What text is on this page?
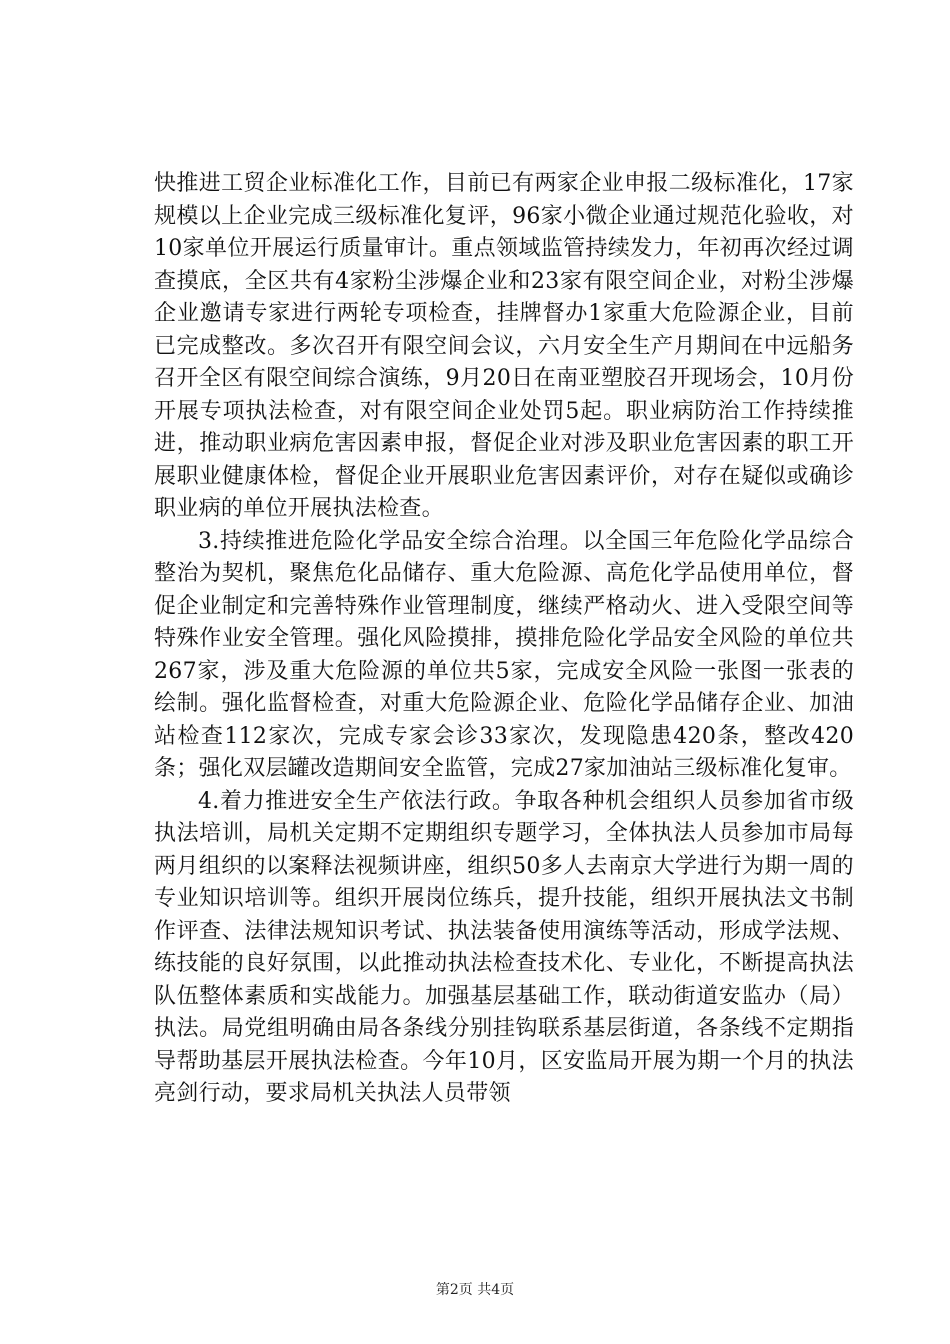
快推进工贸企业标准化工作，目前已有两家企业申报二级标准化，17家规模以上企业完成三级标准化复评，96家小微企业通过规范化验收，对10家单位开展运行质量审计。重点领域监管持续发力，年初再次经过调查摸底，全区共有4家粉尘涉爆企业和23家有限空间企业，对粉尘涉爆企业邀请专家进行两轮专项检查，挂牌督办1家重大危险源企业，目前已完成整改。多次召开有限空间会议，六月安全生产月期间在中远船务召开全区有限空间综合演练，9月20日在南亚塑胶召开现场会，10月份开展专项执法检查，对有限空间企业处罚5起。职业病防治工作持续推进，推动职业病危害因素申报，督促企业对涉及职业危害因素的职工开展职业健康体检，督促企业开展职业危害因素评价，对存在疑似或确诊职业病的单位开展执法检查。

3.持续推进危险化学品安全综合治理。以全国三年危险化学品综合整治为契机，聚焦危化品储存、重大危险源、高危化学品使用单位，督促企业制定和完善特殊作业管理制度，继续严格动火、进入受限空间等特殊作业安全管理。强化风险摸排，摸排危险化学品安全风险的单位共267家，涉及重大危险源的单位共5家，完成安全风险一张图一张表的绘制。强化监督检查，对重大危险源企业、危险化学品储存企业、加油站检查112家次，完成专家会诊33家次，发现隐患420条，整改420条；强化双层罐改造期间安全监管，完成27家加油站三级标准化复审。

4.着力推进安全生产依法行政。争取各种机会组织人员参加省市级执法培训，局机关定期不定期组织专题学习，全体执法人员参加市局每两月组织的以案释法视频讲座，组织50多人去南京大学进行为期一周的专业知识培训等。组织开展岗位练兵，提升技能，组织开展执法文书制作评查、法律法规知识考试、执法装备使用演练等活动，形成学法规、练技能的良好氛围，以此推动执法检查技术化、专业化，不断提高执法队伍整体素质和实战能力。加强基层基础工作，联动街道安监办（局）执法。局党组明确由局各条线分别挂钩联系基层街道，各条线不定期指导帮助基层开展执法检查。今年10月，区安监局开展为期一个月的执法亮剑行动，要求局机关执法人员带领

第2页 共4页
